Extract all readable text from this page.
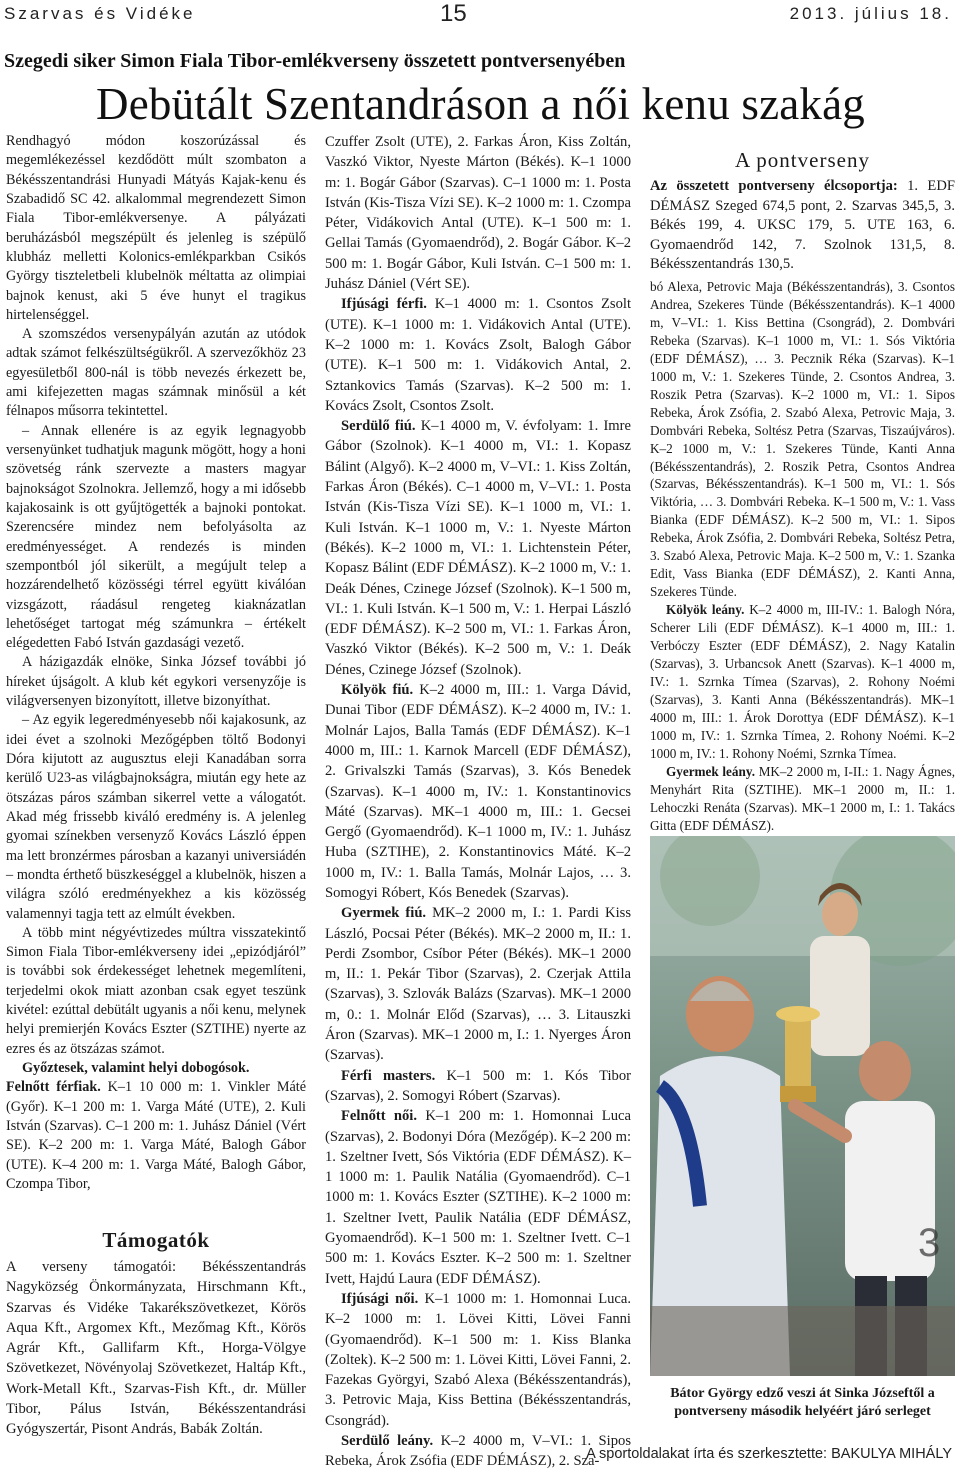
Szarvas és Vidéke	15	2013. július 18.
Szegedi siker Simon Fiala Tibor-emlékverseny összetett pontversenyében
Debütált Szentandráson a női kenu szakág

Rendhagyó módon koszorúzással és megemlékezéssel kezdődött múlt szombaton a Békésszentandrási Hunyadi Mátyás Kajak-kenu és Szabadidő SC 42. alkalommal megrendezett Simon Fiala Tibor-emlékversenye. A pályázati beruházásból megszépült és jelenleg is szépülő klubház melletti Kolonics-emlékparkban Csikós György tiszteletbeli klubelnök méltatta az olimpiai bajnok kenust, aki 5 éve hunyt el tragikus hirtelenséggel.

A szomszédos versenypályán azután az utódok adtak számot felkészültségükről. A szervezőkhöz 23 egyesületből 800-nál is több nevezés érkezett be, ami kifejezetten magas számnak minősül a két félnapos műsorra tekintettel.

– Annak ellenére is az egyik legnagyobb versenyünket tudhatjuk magunk mögött, hogy a honi szövetség ránk szervezte a masters magyar bajnokságot Szolnokra. Jellemző, hogy a mi idősebb kajakosaink is ott gyűjtögették a bajnoki pontokat. Szerencsére mindez nem befolyásolta az eredményességet. A rendezés is minden szempontból jól sikerült, a megújult telep a hozzárendelhető közösségi térrel együtt kiválóan vizsgázott, ráadásul rengeteg kiaknázatlan lehetőséget tartogat még számunkra – értékelt elégedetten Fabó István gazdasági vezető.

A házigazdák elnöke, Sinka József további jó híreket újságolt. A klub két egykori versenyzője is világversenyen bizonyított, illetve bizonyíthat.

– Az egyik legeredményesebb női kajakosunk, az idei évet a szolnoki Mezőgépben töltő Bodonyi Dóra kijutott az augusztus eleji Kanadában sorra kerülő U23-as világbajnokságra, miután egy hete az ötszázas páros számban sikerrel vette a válogatót. Akad még frissebb kiváló eredmény is. A jelenleg gyomai színekben versenyző Kovács László éppen ma lett bronzérmes párosban a kazanyi universiádén – mondta érthető büszkeséggel a klubelnök, hiszen a világra szóló eredményekhez a kis közösség valamennyi tagja tett az elmúlt években.

A több mint négyévtizedes múltra visszatekintő Simon Fiala Tibor-emlékverseny idei „epizódjáról” is további sok érdekességet lehetnek megemlíteni, terjedelmi okok miatt azonban csak egyet teszünk kivétel: ezúttal debütált ugyanis a női kenu, melynek helyi premierjén Kovács Eszter (SZTIHE) nyerte az ezres és az ötszázas számot.

Győztesek, valamint helyi dobogósok.

Felnőtt férfiak. K–1 10 000 m: 1. Vinkler Máté (Győr). K–1 200 m: 1. Varga Máté (UTE), 2. Kuli István (Szarvas). C–1 200 m: 1. Juhász Dániel (Vért SE). K–2 200 m: 1. Varga Máté, Balogh Gábor (UTE). K–4 200 m: 1. Varga Máté, Balogh Gábor, Czompa Tibor,

Támogatók
A verseny támogatói: Békésszentandrás Nagyközség Önkormányzata, Hirschmann Kft., Szarvas és Vidéke Takarékszövetkezet, Körös Aqua Kft., Argomex Kft., Mezőmag Kft., Körös Agrár Kft., Gallifarm Kft., Horga-Völgye Szövetkezet, Növényolaj Szövetkezet, Haltáp Kft., Work-Metall Kft., Szarvas-Fish Kft., dr. Müller Tibor, Pálus István, Békésszentandrási Gyógyszertár, Pisont András, Babák Zoltán.

Czuffer Zsolt (UTE), 2. Farkas Áron, Kiss Zoltán, Vaszkó Viktor, Nyeste Márton (Békés). K–1 1000 m: 1. Bogár Gábor (Szarvas). C–1 1000 m: 1. Posta István (Kis-Tisza Vízi SE). K–2 1000 m: 1. Czompa Péter, Vidákovich Antal (UTE). K–1 500 m: 1. Gellai Tamás (Gyomaendrőd), 2. Bogár Gábor. K–2 500 m: 1. Bogár Gábor, Kuli István. C–1 500 m: 1. Juhász Dániel (Vért SE).

Ifjúsági férfi. K–1 4000 m: 1. Csontos Zsolt (UTE). K–1 1000 m: 1. Vidákovich Antal (UTE). K–2 1000 m: 1. Kovács Zsolt, Balogh Gábor (UTE). K–1 500 m: 1. Vidákovich Antal, 2. Sztankovics Tamás (Szarvas). K–2 500 m: 1. Kovács Zsolt, Csontos Zsolt.

Serdülő fiú. K–1 4000 m, V. évfolyam: 1. Imre Gábor (Szolnok). K–1 4000 m, VI.: 1. Kopasz Bálint (Algyő). K–2 4000 m, V–VI.: 1. Kiss Zoltán, Farkas Áron (Békés). C–1 4000 m, V–VI.: 1. Posta István (Kis-Tisza Vízi SE). K–1 1000 m, VI.: 1. Kuli István. K–1 1000 m, V.: 1. Nyeste Márton (Békés). K–2 1000 m, VI.: 1. Lichtenstein Péter, Kopasz Bálint (EDF DÉMÁSZ). K–2 1000 m, V.: 1. Deák Dénes, Czinege József (Szolnok). K–1 500 m, VI.: 1. Kuli István. K–1 500 m, V.: 1. Herpai László (EDF DÉMÁSZ). K–2 500 m, VI.: 1. Farkas Áron, Vaszkó Viktor (Békés). K–2 500 m, V.: 1. Deák Dénes, Czinege József (Szolnok).

Kölyök fiú. K–2 4000 m, III.: 1. Varga Dávid, Dunai Tibor (EDF DÉMÁSZ). K–2 4000 m, IV.: 1. Molnár Lajos, Balla Tamás (EDF DÉMÁSZ). K–1 4000 m, III.: 1. Karnok Marcell (EDF DÉMÁSZ), 2. Grivalszki Tamás (Szarvas), 3. Kós Benedek (Szarvas). K–1 4000 m, IV.: 1. Konstantinovics Máté (Szarvas). MK–1 4000 m, III.: 1. Gecsei Gergő (Gyomaendrőd). K–1 1000 m, IV.: 1. Juhász Huba (SZTIHE), 2. Konstantinovics Máté. K–2 1000 m, IV.: 1. Balla Tamás, Molnár Lajos, … 3. Somogyi Róbert, Kós Benedek (Szarvas).

Gyermek fiú. MK–2 2000 m, I.: 1. Pardi Kiss László, Pocsai Péter (Békés). MK–2 2000 m, II.: 1. Perdi Zsombor, Csíbor Péter (Békés). MK–1 2000 m, II.: 1. Pekár Tibor (Szarvas), 2. Czerjak Attila (Szarvas), 3. Szlovák Balázs (Szarvas). MK–1 2000 m, 0.: 1. Molnár Előd (Szarvas), … 3. Litauszki Áron (Szarvas). MK–1 2000 m, I.: 1. Nyerges Áron (Szarvas).

Férfi masters. K–1 500 m: 1. Kós Tibor (Szarvas), 2. Somogyi Róbert (Szarvas).

Felnőtt női. K–1 200 m: 1. Homonnai Luca (Szarvas), 2. Bodonyi Dóra (Mezőgép). K–2 200 m: 1. Szeltner Ivett, Sós Viktória (EDF DÉMÁSZ). K–1 1000 m: 1. Paulik Natália (Gyomaendrőd). C–1 1000 m: 1. Kovács Eszter (SZTIHE). K–2 1000 m: 1. Szeltner Ivett, Paulik Natália (EDF DÉMÁSZ, Gyomaendrőd). K–1 500 m: 1. Szeltner Ivett. C–1 500 m: 1. Kovács Eszter. K–2 500 m: 1. Szeltner Ivett, Hajdú Laura (EDF DÉMÁSZ).

Ifjúsági női. K–1 1000 m: 1. Homonnai Luca. K–2 1000 m: 1. Lövei Kitti, Lövei Fanni (Gyomaendrőd). K–1 500 m: 1. Kiss Blanka (Zoltek). K–2 500 m: 1. Lövei Kitti, Lövei Fanni, 2. Fazekas Györgyi, Szabó Alexa (Békésszentandrás), 3. Petrovic Maja, Kiss Bettina (Békésszentandrás, Csongrád).

Serdülő leány. K–2 4000 m, V–VI.: 1. Sipos Rebeka, Árok Zsófia (EDF DÉMÁSZ), 2. Sza-

A pontverseny
Az összetett pontverseny élcsoportja: 1. EDF DÉMÁSZ Szeged 674,5 pont, 2. Szarvas 345,5, 3. Békés 199, 4. UKSC 179, 5. UTE 163, 6. Gyomaendrőd 142, 7. Szolnok 131,5, 8. Békésszentandrás 130,5.

bó Alexa, Petrovic Maja (Békésszentandrás), 3. Csontos Andrea, Szekeres Tünde (Békésszentandrás). K–1 4000 m, V–VI.: 1. Kiss Bettina (Csongrád), 2. Dombvári Rebeka (Szarvas). K–1 1000 m, VI.: 1. Sós Viktória (EDF DÉMÁSZ), … 3. Pecznik Réka (Szarvas). K–1 1000 m, V.: 1. Szekeres Tünde, 2. Csontos Andrea, 3. Roszik Petra (Szarvas). K–2 1000 m, VI.: 1. Sipos Rebeka, Árok Zsófia, 2. Szabó Alexa, Petrovic Maja, 3. Dombvári Rebeka, Soltész Petra (Szarvas, Tiszaújváros). K–2 1000 m, V.: 1. Szekeres Tünde, Kanti Anna (Békésszentandrás), 2. Roszik Petra, Csontos Andrea (Szarvas, Békésszentandrás). K–1 500 m, VI.: 1. Sós Viktória, … 3. Dombvári Rebeka. K–1 500 m, V.: 1. Vass Bianka (EDF DÉMÁSZ). K–2 500 m, VI.: 1. Sipos Rebeka, Árok Zsófia, 2. Dombvári Rebeka, Soltész Petra, 3. Szabó Alexa, Petrovic Maja. K–2 500 m, V.: 1. Szanka Edit, Vass Bianka (EDF DÉMÁSZ), 2. Kanti Anna, Szekeres Tünde.

Kölyök leány. K–2 4000 m, III-IV.: 1. Balogh Nóra, Scherer Lili (EDF DÉMÁSZ). K–1 4000 m, III.: 1. Verbóczy Eszter (EDF DÉMÁSZ), 2. Nagy Katalin (Szarvas), 3. Urbancsok Anett (Szarvas). K–1 4000 m, IV.: 1. Szrnka Tímea (Szarvas), 2. Rohony Noémi (Szarvas), 3. Kanti Anna (Békésszentandrás). MK–1 4000 m, III.: 1. Árok Dorottya (EDF DÉMÁSZ). K–1 1000 m, IV.: 1. Szrnka Tímea, 2. Rohony Noémi. K–2 1000 m, IV.: 1. Rohony Noémi, Szrnka Tímea.

Gyermek leány. MK–2 2000 m, I-II.: 1. Nagy Ágnes, Menyhárt Rita (SZTIHE). MK–1 2000 m, II.: 1. Lehoczki Renáta (Szarvas). MK–1 2000 m, I.: 1. Takács Gitta (EDF DÉMÁSZ).

3
Bátor György edző veszi át Sinka Józseftől a pontverseny második helyéért járó serleget
A sportoldalakat írta és szerkesztette: BAKULYA MIHÁLY
